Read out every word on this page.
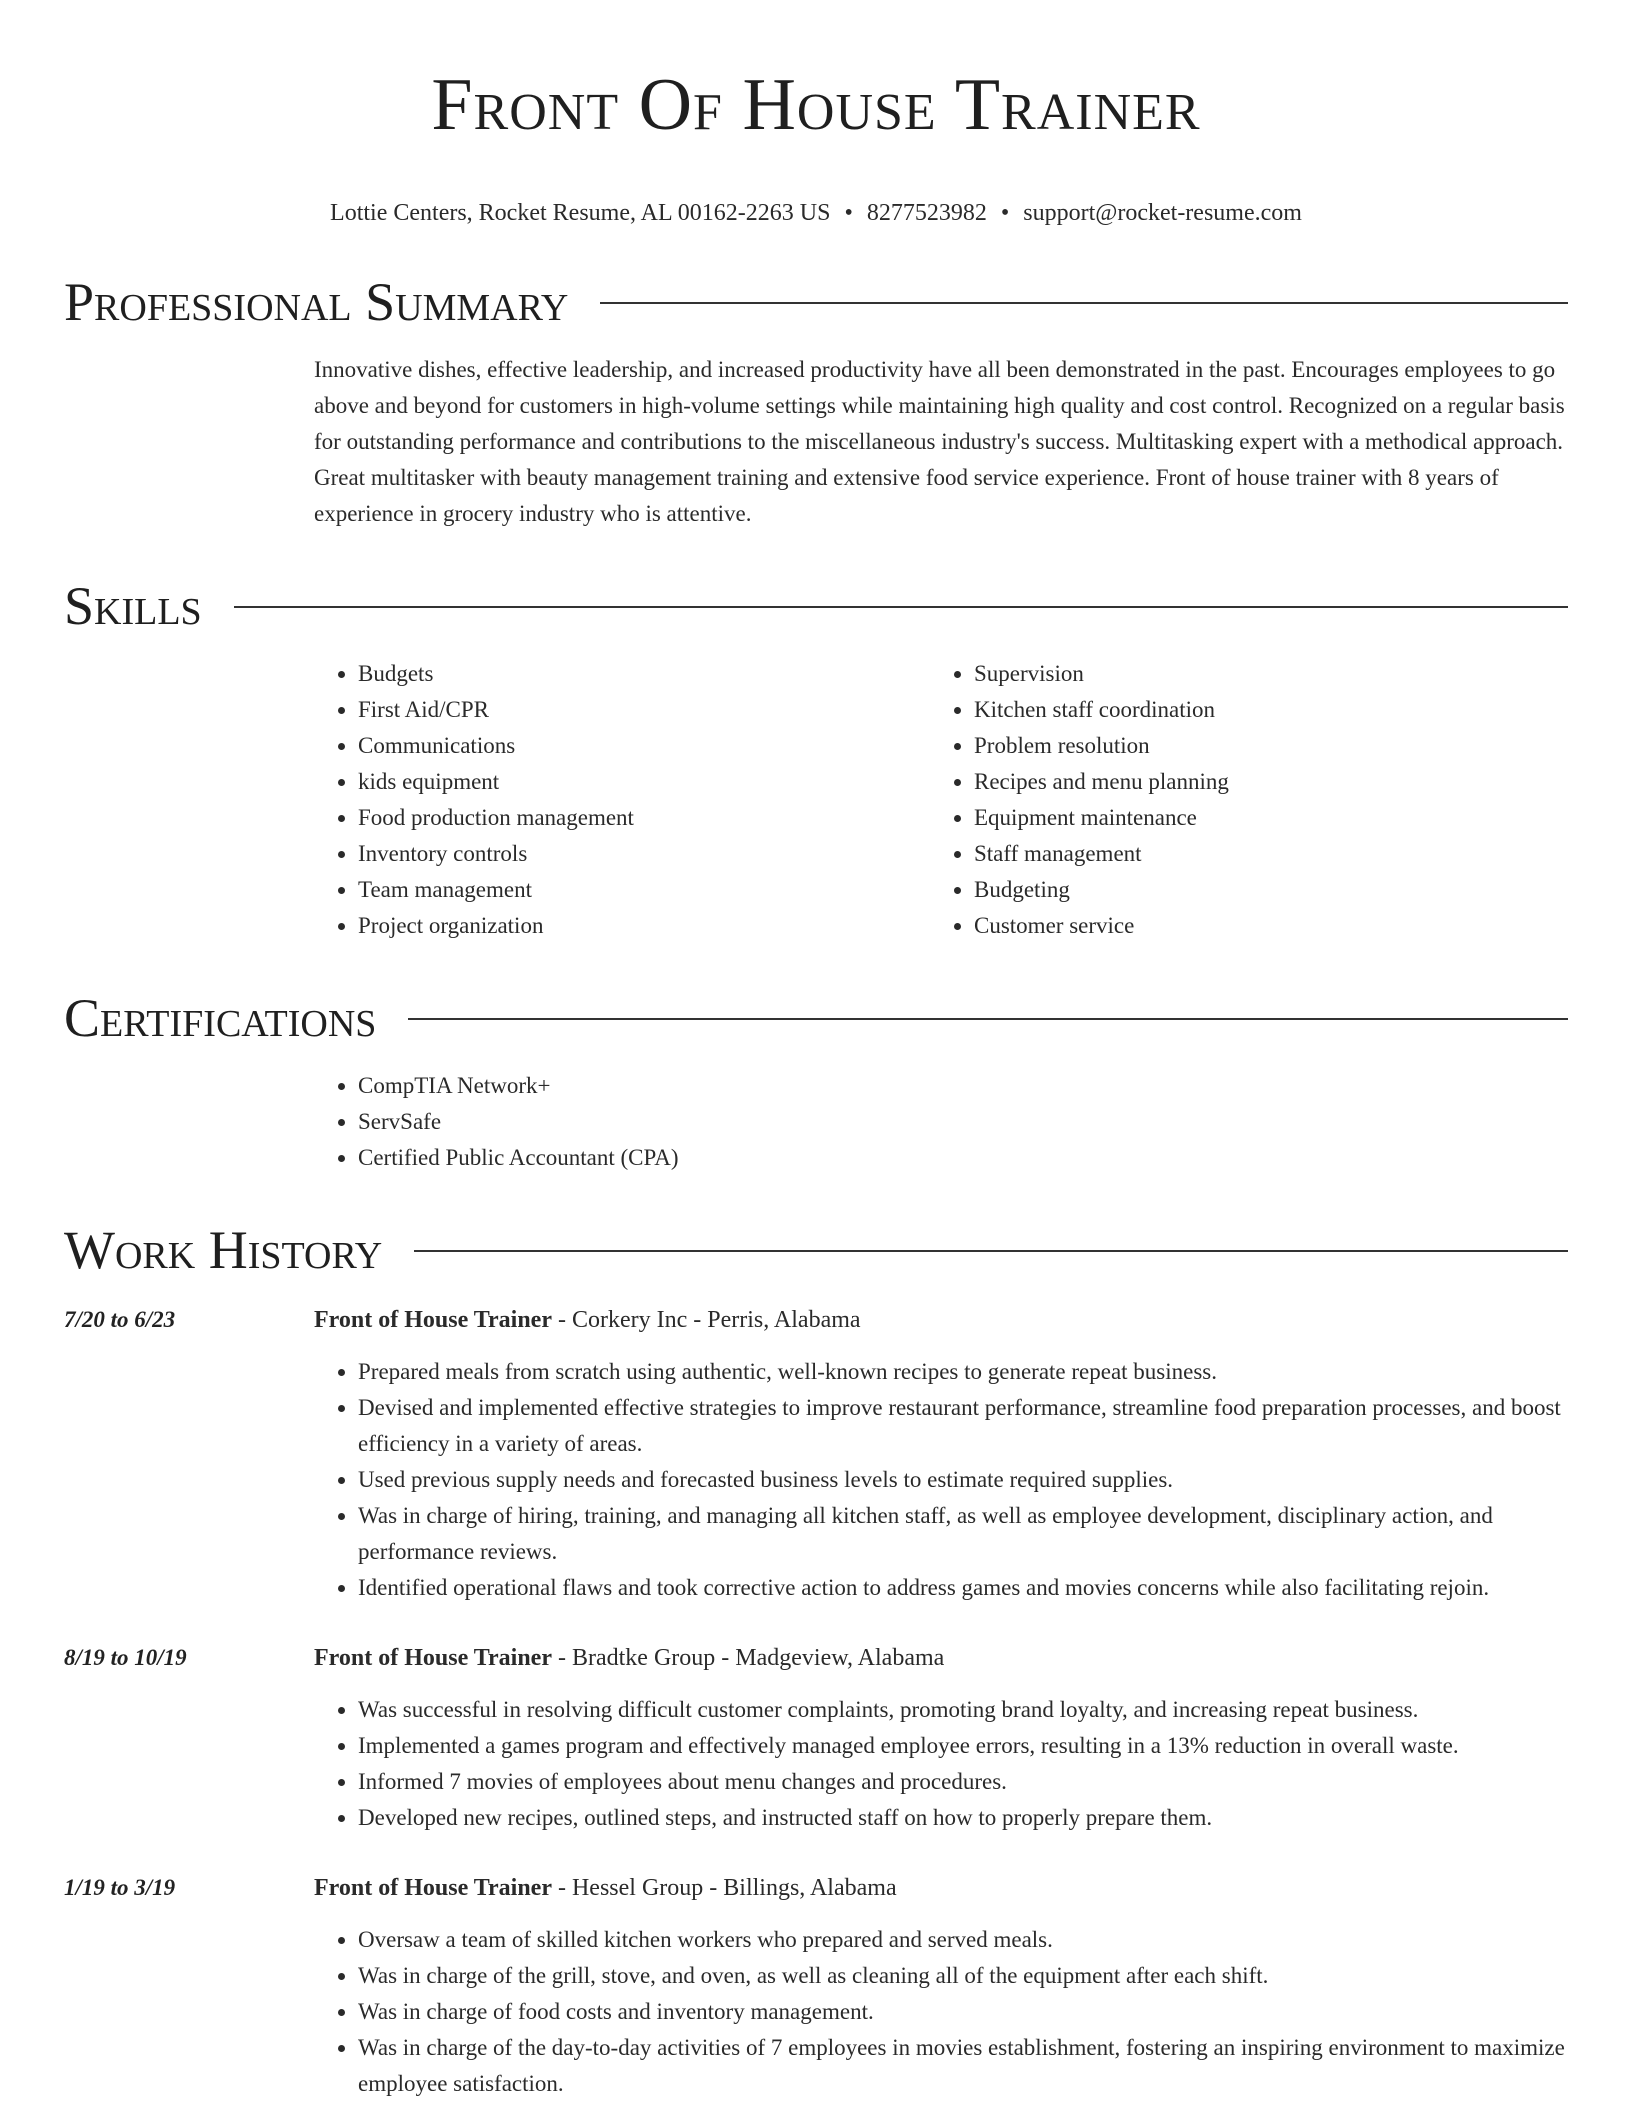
Front Of House Trainer
Lottie Centers, Rocket Resume, AL 00162-2263 US • 8277523982 • support@rocket-resume.com
Professional Summary
Innovative dishes, effective leadership, and increased productivity have all been demonstrated in the past. Encourages employees to go above and beyond for customers in high-volume settings while maintaining high quality and cost control. Recognized on a regular basis for outstanding performance and contributions to the miscellaneous industry's success. Multitasking expert with a methodical approach. Great multitasker with beauty management training and extensive food service experience. Front of house trainer with 8 years of experience in grocery industry who is attentive.
Skills
• Budgets
• First Aid/CPR
• Communications
• kids equipment
• Food production management
• Inventory controls
• Team management
• Project organization
• Supervision
• Kitchen staff coordination
• Problem resolution
• Recipes and menu planning
• Equipment maintenance
• Staff management
• Budgeting
• Customer service
Certifications
• CompTIA Network+
• ServSafe
• Certified Public Accountant (CPA)
Work History
7/20 to 6/23	Front of House Trainer - Corkery Inc - Perris, Alabama
• Prepared meals from scratch using authentic, well-known recipes to generate repeat business.
• Devised and implemented effective strategies to improve restaurant performance, streamline food preparation processes, and boost efficiency in a variety of areas.
• Used previous supply needs and forecasted business levels to estimate required supplies.
• Was in charge of hiring, training, and managing all kitchen staff, as well as employee development, disciplinary action, and performance reviews.
• Identified operational flaws and took corrective action to address games and movies concerns while also facilitating rejoin.
8/19 to 10/19	Front of House Trainer - Bradtke Group - Madgeview, Alabama
• Was successful in resolving difficult customer complaints, promoting brand loyalty, and increasing repeat business.
• Implemented a games program and effectively managed employee errors, resulting in a 13% reduction in overall waste.
• Informed 7 movies of employees about menu changes and procedures.
• Developed new recipes, outlined steps, and instructed staff on how to properly prepare them.
1/19 to 3/19	Front of House Trainer - Hessel Group - Billings, Alabama
• Oversaw a team of skilled kitchen workers who prepared and served meals.
• Was in charge of the grill, stove, and oven, as well as cleaning all of the equipment after each shift.
• Was in charge of food costs and inventory management.
• Was in charge of the day-to-day activities of 7 employees in movies establishment, fostering an inspiring environment to maximize employee satisfaction.
